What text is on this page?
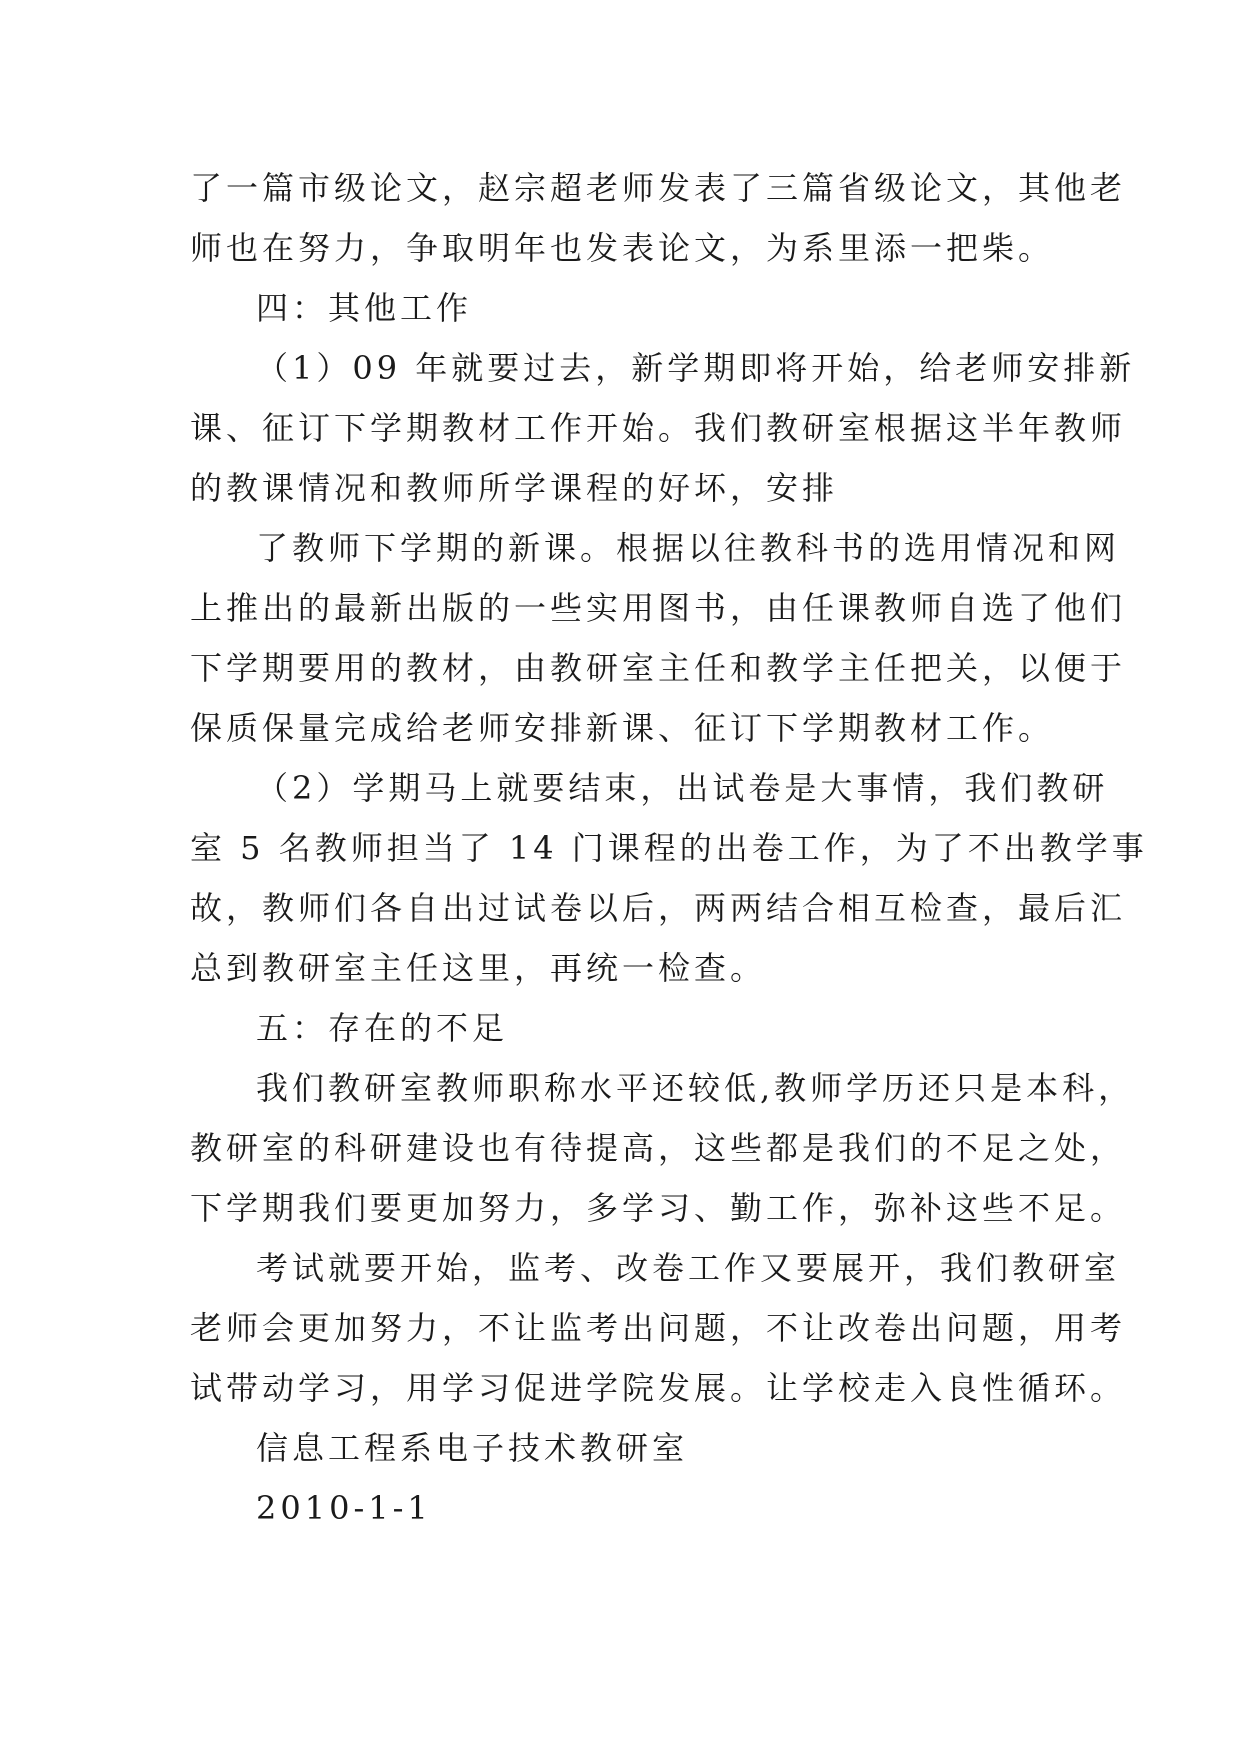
了一篇市级论文，赵宗超老师发表了三篇省级论文，其他老
师也在努力，争取明年也发表论文，为系里添一把柴。
四：其他工作
（1）09 年就要过去，新学期即将开始，给老师安排新
课、征订下学期教材工作开始。我们教研室根据这半年教师
的教课情况和教师所学课程的好坏，安排
了教师下学期的新课。根据以往教科书的选用情况和网
上推出的最新出版的一些实用图书，由任课教师自选了他们
下学期要用的教材，由教研室主任和教学主任把关，以便于
保质保量完成给老师安排新课、征订下学期教材工作。
（2）学期马上就要结束，出试卷是大事情，我们教研
室 5 名教师担当了 14 门课程的出卷工作，为了不出教学事
故，教师们各自出过试卷以后，两两结合相互检查，最后汇
总到教研室主任这里，再统一检查。
五：存在的不足
我们教研室教师职称水平还较低,教师学历还只是本科，
教研室的科研建设也有待提高，这些都是我们的不足之处，
下学期我们要更加努力，多学习、勤工作，弥补这些不足。
考试就要开始，监考、改卷工作又要展开，我们教研室
老师会更加努力，不让监考出问题，不让改卷出问题，用考
试带动学习，用学习促进学院发展。让学校走入良性循环。
信息工程系电子技术教研室
2010-1-1
